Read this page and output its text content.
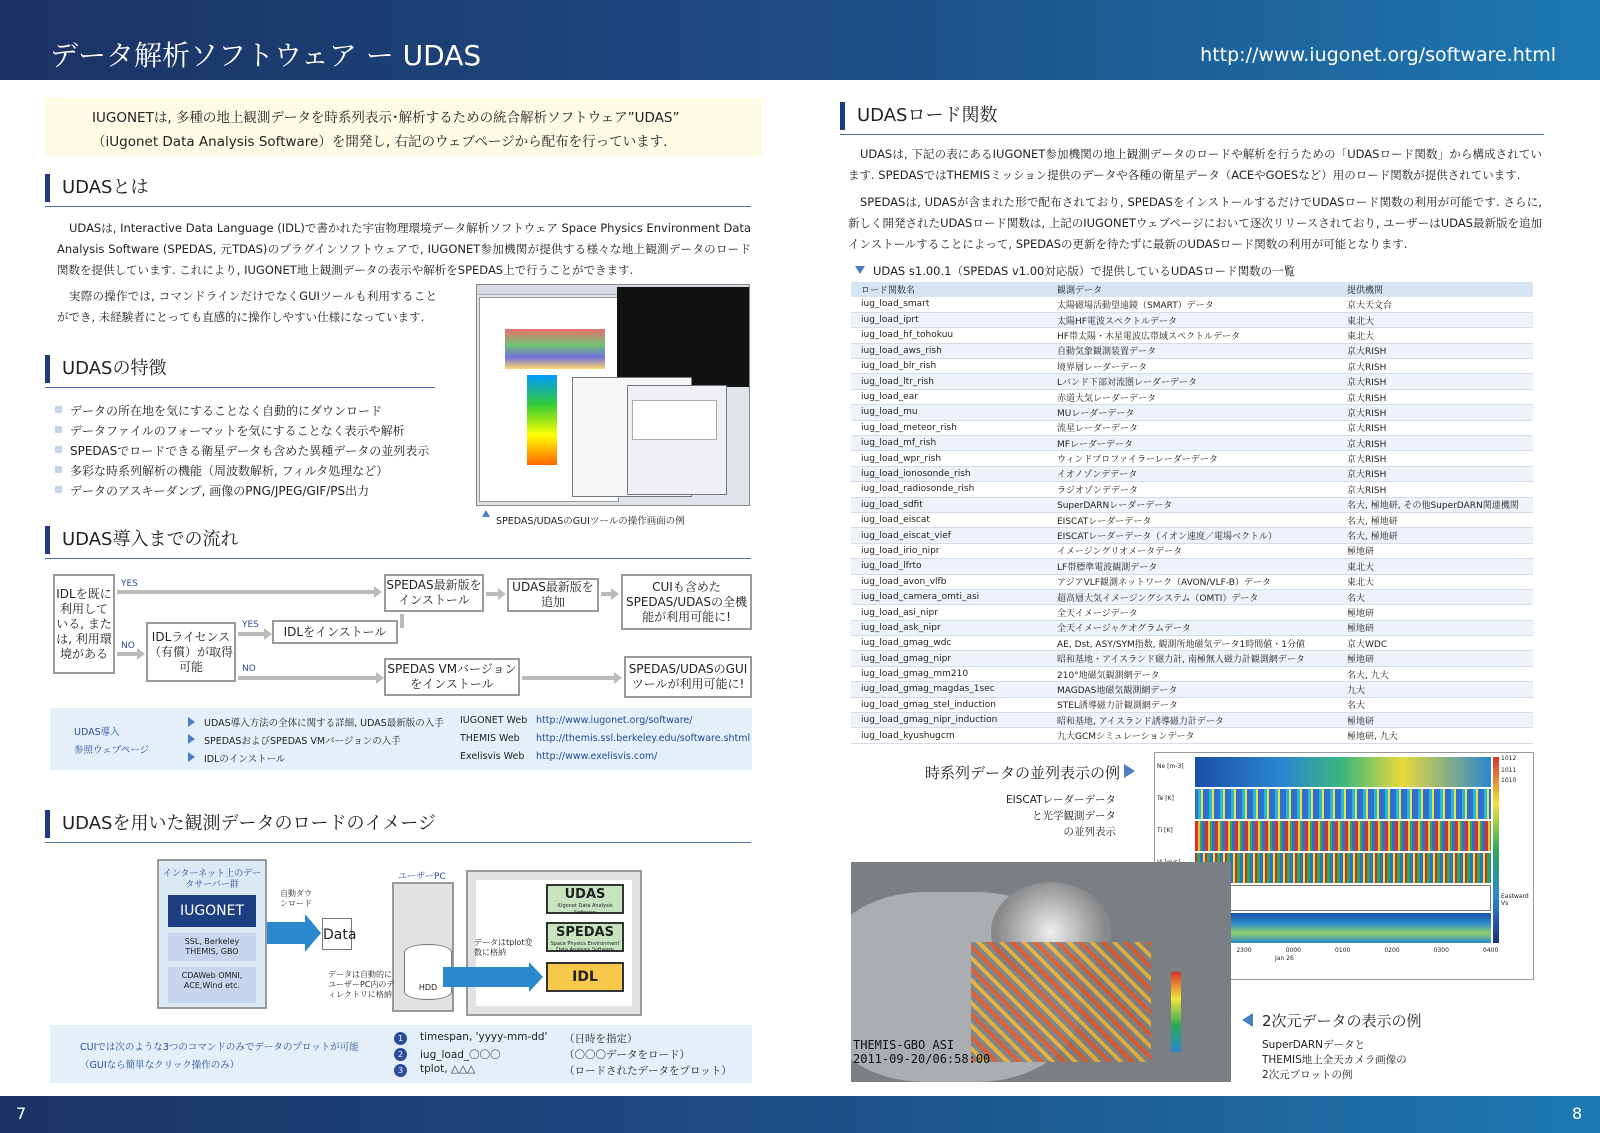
データ解析ソフトウェア ー UDAS	http://www.iugonet.org/software.html

IUGONETは, 多種の地上観測データを時系列表示･解析するための統合解析ソフトウェア”UDAS”

（iUgonet Data Analysis Software）を開発し, 右記のウェブページから配布を行っています.

UDASとは
UDASは, Interactive Data Language (IDL)で書かれた宇宙物理環境データ解析ソフトウェア Space Physics Environment Data Analysis Software (SPEDAS, 元TDAS)のプラグインソフトウェアで, IUGONET参加機関が提供する様々な地上観測データのロード関数を提供しています. これにより, IUGONET地上観測データの表示や解析をSPEDAS上で行うことができます.
実際の操作では, コマンドラインだけでなくGUIツールも利用することができ, 未経験者にとっても直感的に操作しやすい仕様になっています.
SPEDAS/UDASのGUIツールの操作画面の例
UDASの特徴
データの所在地を気にすることなく自動的にダウンロード
データファイルのフォーマットを気にすることなく表示や解析
SPEDASでロードできる衛星データも含めた異種データの並列表示
多彩な時系列解析の機能（周波数解析, フィルタ処理など）
データのアスキーダンプ, 画像のPNG/JPEG/GIF/PS出力
UDAS導入までの流れ
IDLを既に利用している, または, 利用環境がある
IDLライセンス（有償）が取得可能
IDLをインストール
SPEDAS最新版をインストール
UDAS最新版を追加
CUIも含めたSPEDAS/UDASの全機能が利用可能に!
SPEDAS VMバージョンをインストール
SPEDAS/UDASのGUIツールが利用可能に!
YES
NO
YES
NO
UDAS導入
参照ウェブページ
UDAS導入方法の全体に関する詳細, UDAS最新版の入手
SPEDASおよびSPEDAS VMバージョンの入手
IDLのインストール
IUGONET Web
THEMIS Web
Exelisvis Web
http://www.iugonet.org/software/
http://themis.ssl.berkeley.edu/software.shtml
http://www.exelisvis.com/
UDASを用いた観測データのロードのイメージ
インターネット上のデータサーバー群
IUGONET
SSL, Berkeley THEMIS, GBO
CDAWeb OMNI, ACE,Wind etc.
自動ダウンロード
Data
ユーザーPC
HDD
データは自動的にユーザーPC内のディレクトリに格納
データはtplot変数に格納
UDAS
iUgonet Data Analysis Software
SPEDAS
Space Physics Environment Data Analysis Software
IDL
CUIでは次のような3つのコマンドのみでデータのプロットが可能
（GUIなら簡単なクリック操作のみ）
1
2
3
timespan, 'yyyy-mm-dd'
iug_load_〇〇〇
tplot, △△△
（日時を指定）
（〇〇〇データをロード）
（ロードされたデータをプロット）
UDASロード関数
UDASは, 下記の表にあるIUGONET参加機関の地上観測データのロードや解析を行うための「UDASロード関数」から構成されています. SPEDASではTHEMISミッション提供のデータや各種の衛星データ（ACEやGOESなど）用のロード関数が提供されています.
SPEDASは, UDASが含まれた形で配布されており, SPEDASをインストールするだけでUDASロード関数の利用が可能です. さらに, 新しく開発されたUDASロード関数は, 上記のIUGONETウェブページにおいて逐次リリースされており, ユーザーはUDAS最新版を追加インストールすることによって, SPEDASの更新を待たずに最新のUDASロード関数の利用が可能となります.
UDAS s1.00.1（SPEDAS v1.00対応版）で提供しているUDASロード関数の一覧
ロード関数名	観測データ	提供機関
iug_load_smart	太陽磁場活動望遠鏡（SMART）データ	京大天文台
iug_load_iprt	太陽HF電波スペクトルデータ	東北大
iug_load_hf_tohokuu	HF帯太陽・木星電波広帯域スペクトルデータ	東北大
iug_load_aws_rish	自動気象観測装置データ	京大RISH
iug_load_blr_rish	境界層レーダーデータ	京大RISH
iug_load_ltr_rish	Lバンド下部対流圏レーダーデータ	京大RISH
iug_load_ear	赤道大気レーダーデータ	京大RISH
iug_load_mu	MUレーダーデータ	京大RISH
iug_load_meteor_rish	流星レーダーデータ	京大RISH
iug_load_mf_rish	MFレーダーデータ	京大RISH
iug_load_wpr_rish	ウィンドプロファイラーレーダーデータ	京大RISH
iug_load_ionosonde_rish	イオノゾンデデータ	京大RISH
iug_load_radiosonde_rish	ラジオゾンデデータ	京大RISH
iug_load_sdfit	SuperDARNレーダーデータ	名大, 極地研, その他SuperDARN関連機関
iug_load_eiscat	EISCATレーダーデータ	名大, 極地研
iug_load_eiscat_vief	EISCATレーダーデータ（イオン速度／電場ベクトル）	名大, 極地研
iug_load_irio_nipr	イメージングリオメータデータ	極地研
iug_load_lfrto	LF帯標準電波観測データ	東北大
iug_load_avon_vlfb	アジアVLF観測ネットワーク（AVON/VLF-B）データ	東北大
iug_load_camera_omti_asi	超高層大気イメージングシステム（OMTI）データ	名大
iug_load_asi_nipr	全天イメージデータ	極地研
iug_load_ask_nipr	全天イメージャケオグラムデータ	極地研
iug_load_gmag_wdc	AE, Dst, ASY/SYM指数, 観測所地磁気データ1時間値・1分値	京大WDC
iug_load_gmag_nipr	昭和基地・アイスランド磁力計, 南極無人磁力計観測網データ	極地研
iug_load_gmag_mm210	210°地磁気観測網データ	名大, 九大
iug_load_gmag_magdas_1sec	MAGDAS地磁気観測網データ	九大
iug_load_gmag_stel_induction	STEL誘導磁力計観測網データ	名大
iug_load_gmag_nipr_induction	昭和基地, アイスランド誘導磁力計データ	極地研
iug_load_kyushugcm	九大GCMシミュレーションデータ	極地研, 九大
時系列データの並列表示の例
EISCATレーダーデータ
と光学観測データ
の並列表示
1012
1011
1010
Eastward Vs
Ne [m-3]
Te [K]
Ti [K]
2300	0000	0100	0200	0300	0400
Jan 26
THEMIS-GBO ASI
2011-09-20/06:58:00
2次元データの表示の例
SuperDARNデータと
THEMIS地上全天カメラ画像の
2次元プロットの例
7	8
